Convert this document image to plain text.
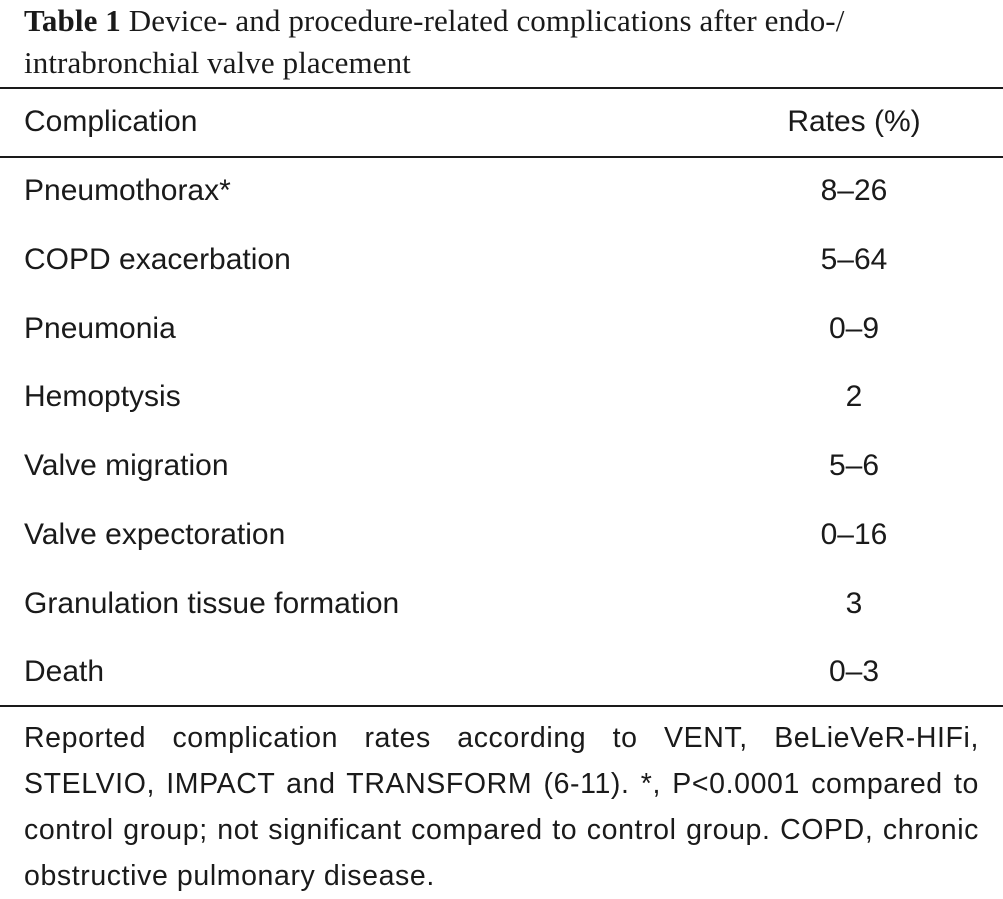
Table 1 Device- and procedure-related complications after endo-/ intrabronchial valve placement
Complication	Rates (%)
Pneumothorax*	8–26
COPD exacerbation	5–64
Pneumonia	0–9
Hemoptysis	2
Valve migration	5–6
Valve expectoration	0–16
Granulation tissue formation	3
Death	0–3
Reported complication rates according to VENT, BeLieVeR-HIFi, STELVIO, IMPACT and TRANSFORM (6-11). *, P<0.0001 compared to control group; not significant compared to control group. COPD, chronic obstructive pulmonary disease.
